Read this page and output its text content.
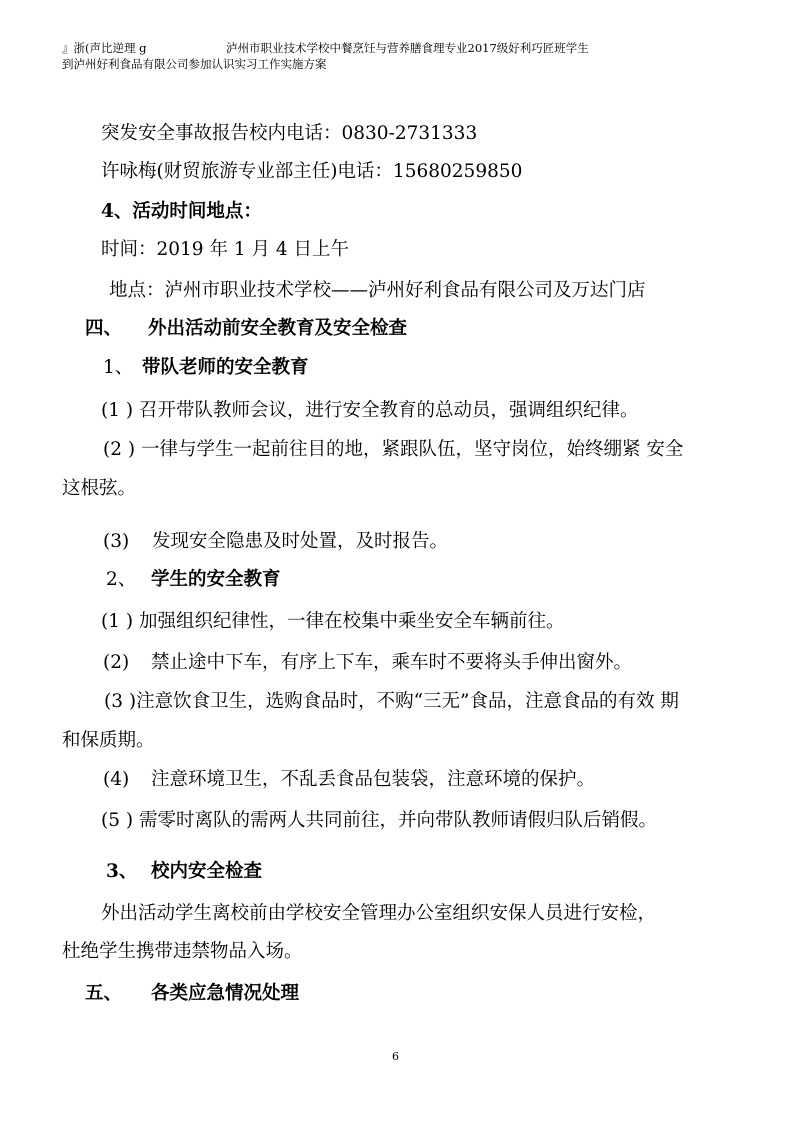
』浙(声比逆理 g	泸州市职业技术学校中餐烹饪与营养膳食理专业2017级好利巧匠班学生
到泸州好利食品有限公司参加认识实习工作实施方案
突发安全事故报告校内电话：0830-2731333
许咏梅(财贸旅游专业部主任)电话：15680259850
4、活动时间地点：
时间：2019 年 1 月 4 日上午
地点：泸州市职业技术学校——泸州好利食品有限公司及万达门店
四、 外出活动前安全教育及安全检查
1、 带队老师的安全教育
(1 ) 召开带队教师会议，进行安全教育的总动员，强调组织纪律。
(2 ) 一律与学生一起前往目的地，紧跟队伍，坚守岗位，始终绷紧 安全
这根弦。
(3) 发现安全隐患及时处置，及时报告。
2、 学生的安全教育
(1 ) 加强组织纪律性，一律在校集中乘坐安全车辆前往。
(2) 禁止途中下车，有序上下车，乘车时不要将头手伸出窗外。
(3 )注意饮食卫生，选购食品时，不购“三无”食品，注意食品的有效 期
和保质期。
(4) 注意环境卫生，不乱丢食品包装袋，注意环境的保护。
(5 ) 需零时离队的需两人共同前往，并向带队教师请假归队后销假。
3、 校内安全检查
外出活动学生离校前由学校安全管理办公室组织安保人员进行安检，
杜绝学生携带违禁物品入场。
五、 各类应急情况处理
6
